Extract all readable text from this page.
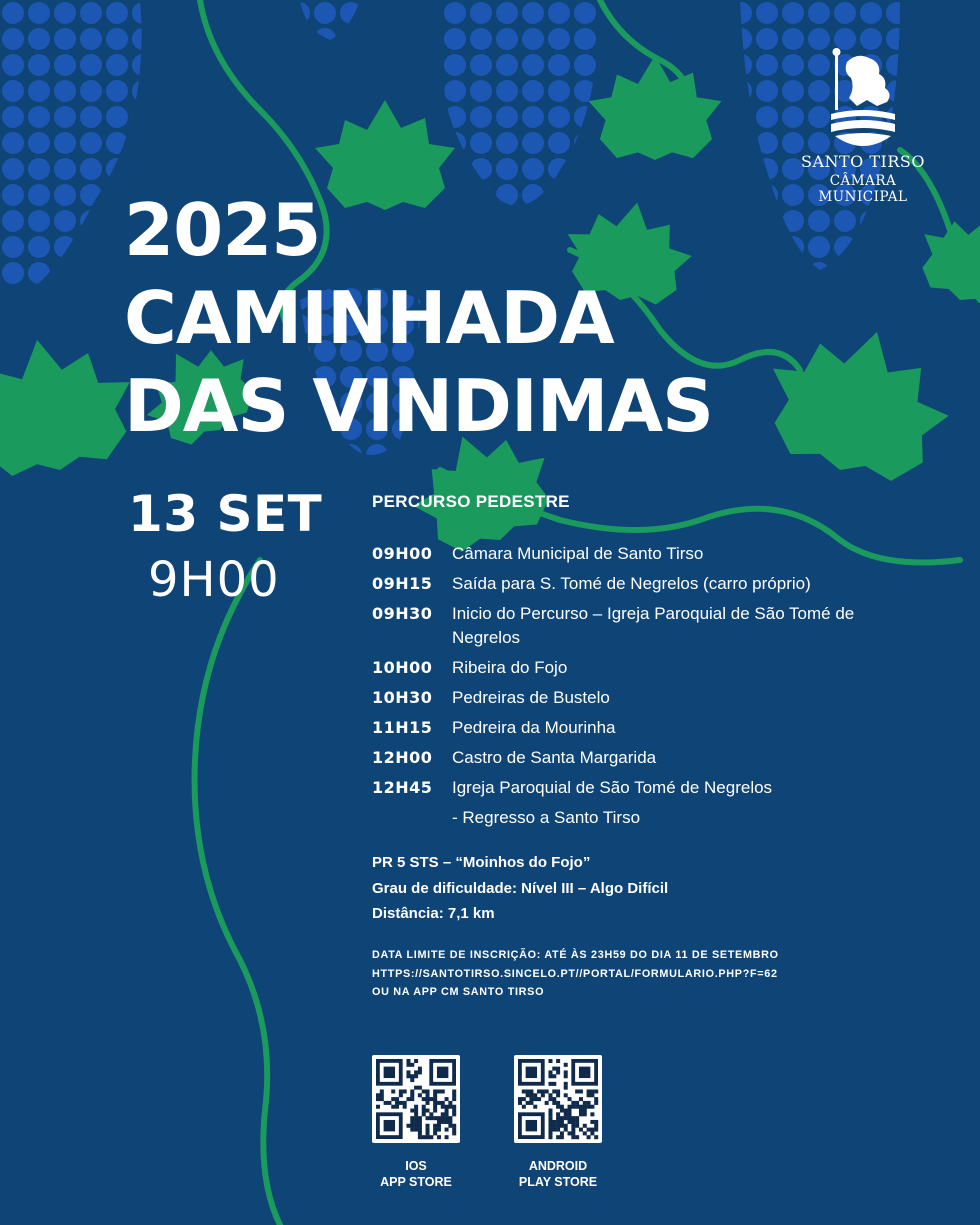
SANTO TIRSO
CÂMARA MUNICIPAL
2025
CAMINHADA
DAS VINDIMAS
13 SET
9H00
PERCURSO PEDESTRE
09H00	Câmara Municipal de Santo Tirso
09H15	Saída para S. Tomé de Negrelos (carro próprio)
09H30	Inicio do Percurso – Igreja Paroquial de São Tomé de Negrelos
10H00	Ribeira do Fojo
10H30	Pedreiras de Bustelo
11H15	Pedreira da Mourinha
12H00	Castro de Santa Margarida
12H45	Igreja Paroquial de São Tomé de Negrelos
- Regresso a Santo Tirso
PR 5 STS – “Moinhos do Fojo”
Grau de dificuldade: Nível III – Algo Difícil
Distância: 7,1 km
DATA LIMITE DE INSCRIÇÃO: ATÉ ÀS 23H59 DO DIA 11 DE SETEMBRO
HTTPS://SANTOTIRSO.SINCELO.PT//PORTAL/FORMULARIO.PHP?F=62
OU NA APP CM SANTO TIRSO
IOS
APP STORE
ANDROID
PLAY STORE
